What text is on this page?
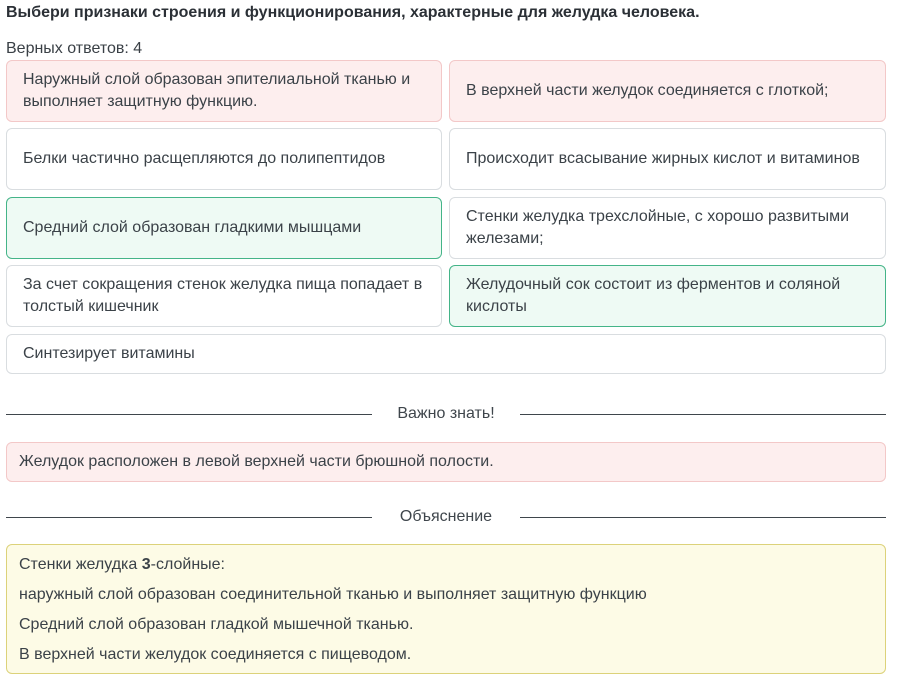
Выбери признаки строения и функционирования, характерные для желудка человека.
Верных ответов: 4
Наружный слой образован эпителиальной тканью и выполняет защитную функцию.
В верхней части желудок соединяется с глоткой;
Белки частично расщепляются до полипептидов	Происходит всасывание жирных кислот и витаминов
Средний слой образован гладкими мышцами
Стенки желудка трехслойные, с хорошо развитыми железами;
За счет сокращения стенок желудка пища попадает в толстый кишечник
Желудочный сок состоит из ферментов и соляной кислоты
Синтезирует витамины
Важно знать!
Желудок расположен в левой верхней части брюшной полости.
Объяснение
Стенки желудка 3-слойные:
наружный слой образован соединительной тканью и выполняет защитную функцию
Средний слой образован гладкой мышечной тканью.
В верхней части желудок соединяется с пищеводом.
